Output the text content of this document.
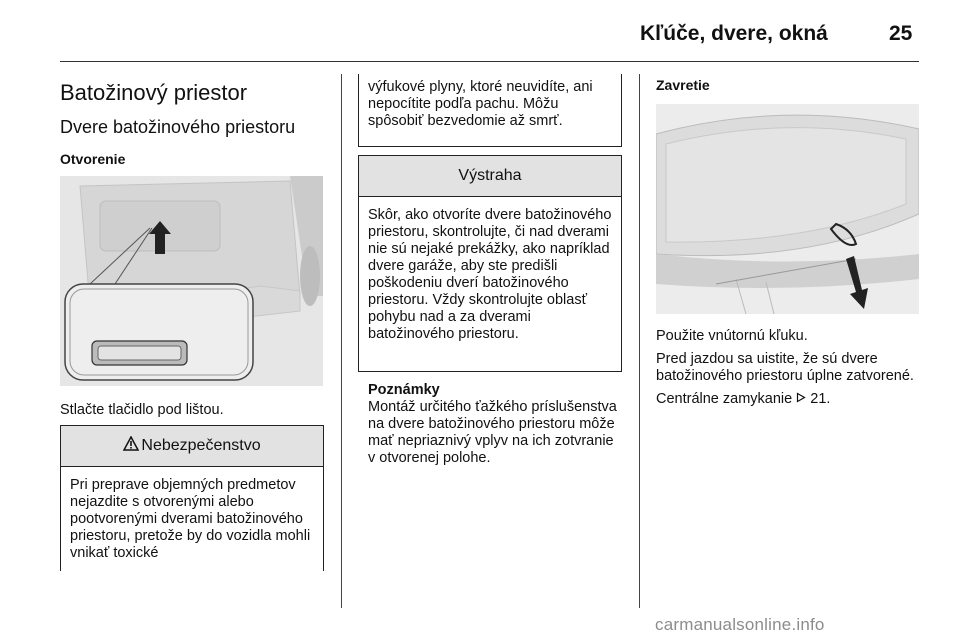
Kľúče, dvere, okná	25
Batožinový priestor
Dvere batožinového priestoru
Otvorenie

Stlačte tlačidlo pod lištou.

Nebezpečenstvo

Pri preprave objemných predmetov nejazdite s otvorenými alebo pootvorenými dverami batožinového priestoru, pretože by do vozidla mohli vnikať toxické

výfukové plyny, ktoré neuvidíte, ani nepocítite podľa pachu. Môžu spôsobiť bezvedomie až smrť.

Výstraha

Skôr, ako otvoríte dvere batožinového priestoru, skontrolujte, či nad dverami nie sú nejaké prekážky, ako napríklad dvere garáže, aby ste predišli poškodeniu dverí batožinového priestoru. Vždy skontrolujte oblasť pohybu nad a za dverami batožinového priestoru.

Poznámky

Montáž určitého ťažkého príslušenstva na dvere batožinového priestoru môže mať nepriaznivý vplyv na ich zotvranie v otvorenej polohe.

Zavretie

Použite vnútornú kľuku.

Pred jazdou sa uistite, že sú dvere batožinového priestoru úplne zatvorené.

Centrálne zamykanie 21.

carmanualsonline.info
